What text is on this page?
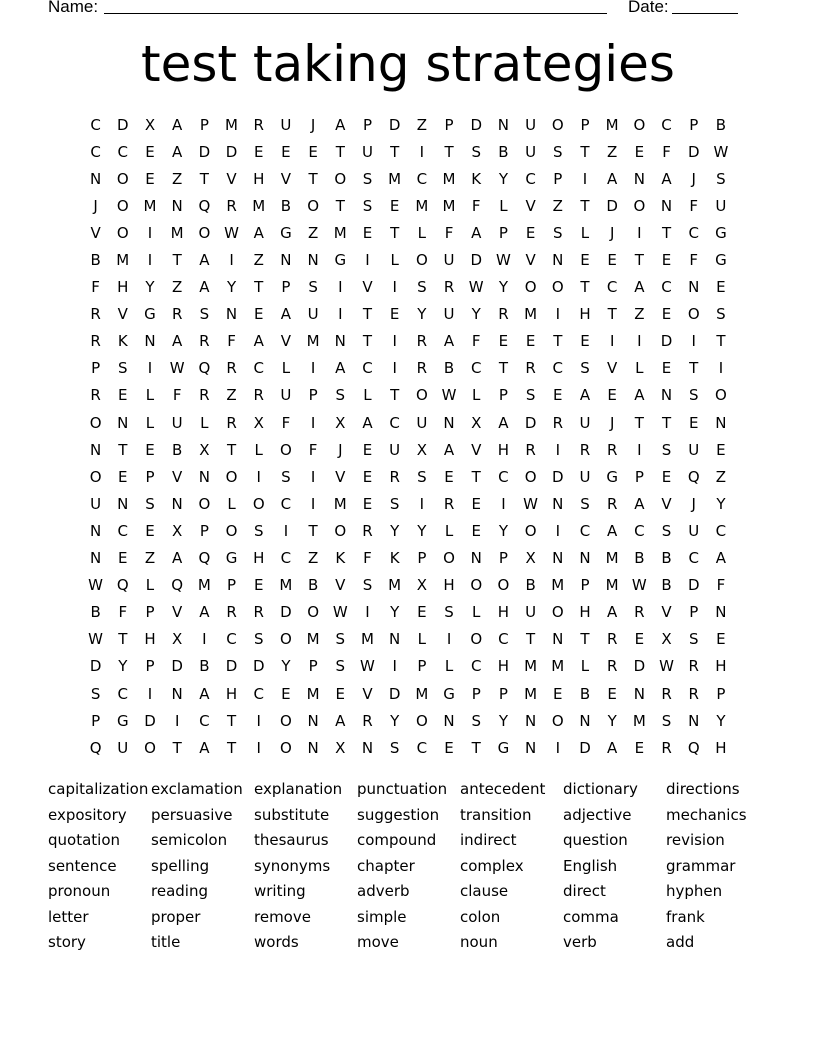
Name:	Date:
test taking strategies
C	D	X	A	P	M	R	U	J	A	P	D	Z	P	D	N	U	O	P	M O	C	P	B
C	C	E	A	D	D	E	E	E	T	U	T	I	T	S	B	U	S	T	Z	E	F	D W
N	O	E	Z	T	V	H	V	T	O	S	M	C	M	K	Y	C	P	I	A	N	A	J	S
J	O M	N	Q	R	M	B	O	T	S	E	M M	F	L	V	Z	T	D	O	N	F	U
V	O	I	M O W A	G	Z	M	E	T	L	F	A	P	E	S	L	J	I	T	C	G
B	M	I	T	A	I	Z	N	N	G	I	L	O	U	D W V	N	E	E	T	E	F	G
F	H	Y	Z	A	Y	T	P	S	I	V	I	S	R W	Y	O	O	T	C	A	C	N	E
R	V	G	R	S	N	E	A	U	I	T	E	Y	U	Y	R	M	I	H	T	Z	E	O	S
R	K	N	A	R	F	A	V	M	N	T	I	R	A	F	E	E	T	E	I	I	D	I	T
P	S	I	W Q	R	C	L	I	A	C	I	R	B	C	T	R	C	S	V	L	E	T	I
R	E	L	F	R	Z	R	U	P	S	L	T	O W	L	P	S	E	A	E	A	N	S	O
O	N	L	U	L	R	X	F	I	X	A	C	U	N	X	A	D	R	U	J	T	T	E	N
N	T	E	B	X	T	L	O	F	J	E	U	X	A	V	H	R	I	R	R	I	S	U	E
O	E	P	V	N	O	I	S	I	V	E	R	S	E	T	C	O	D	U	G	P	E	Q	Z
U	N	S	N	O	L	O	C	I	M	E	S	I	R	E	I	W N	S	R	A	V	J	Y
N	C	E	X	P	O	S	I	T	O	R	Y	Y	L	E	Y	O	I	C	A	C	S	U	C
N	E	Z	A	Q	G	H	C	Z	K	F	K	P	O	N	P	X	N	N	M	B	B	C	A
W Q	L	Q M	P	E	M	B	V	S	M	X	H	O	O	B	M	P	M W B	D	F
B	F	P	V	A	R	R	D	O W	I	Y	E	S	L	H	U	O	H	A	R	V	P	N
W	T	H	X	I	C	S	O M	S	M	N	L	I	O	C	T	N	T	R	E	X	S	E
D	Y	P	D	B	D	D	Y	P	S	W	I	P	L	C	H	M M	L	R	D W R	H
S	C	I	N	A	H	C	E	M	E	V	D M G	P	P	M	E	B	E	N	R	R	P
P	G	D	I	C	T	I	O	N	A	R	Y	O	N	S	Y	N	O	N	Y	M	S	N	Y
Q	U	O	T	A	T	I	O	N	X	N	S	C	E	T	G	N	I	D	A	E	R	Q	H
capitalization exclamation explanation punctuation antecedent	dictionary	directions
expository	persuasive	substitute	suggestion	transition	adjective	mechanics
quotation	semicolon	thesaurus	compound	indirect	question	revision
sentence	spelling	synonyms	chapter	complex	English	grammar
pronoun	reading	writing	adverb	clause	direct	hyphen
letter	proper	remove	simple	colon	comma	frank
story	title	words	move	noun	verb	add
